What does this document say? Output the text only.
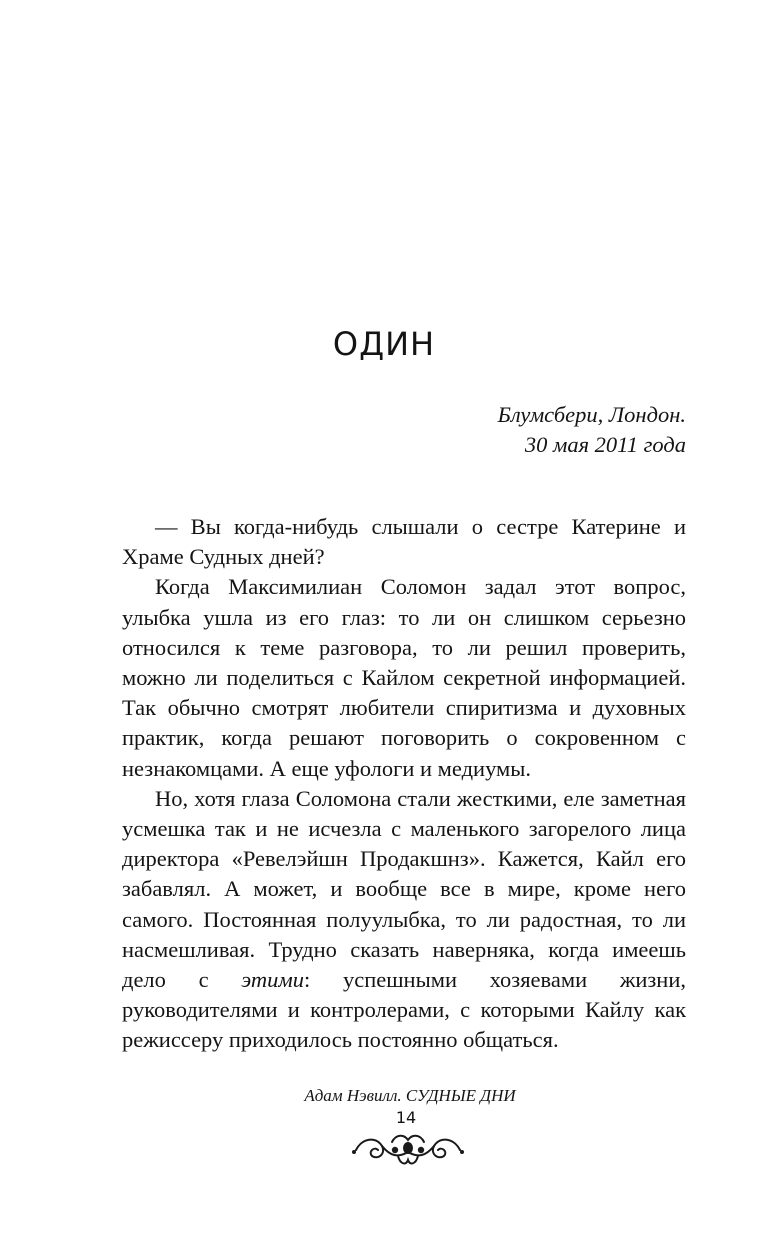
ОДИН
Блумсбери, Лондон.
30 мая 2011 года

— Вы когда-нибудь слышали о сестре Катерине и Храме Судных дней?

Когда Максимилиан Соломон задал этот вопрос, улыбка ушла из его глаз: то ли он слишком серьезно относился к теме разговора, то ли решил проверить, можно ли поделиться с Кайлом секретной информацией. Так обычно смотрят любители спиритизма и духовных практик, когда решают поговорить о сокровенном с незнакомцами. А еще уфологи и медиумы.

Но, хотя глаза Соломона стали жесткими, еле заметная усмешка так и не исчезла с маленького загорелого лица директора «Ревелэйшн Продакшнз». Кажется, Кайл его забавлял. А может, и вообще все в мире, кроме него самого. Постоянная полуулыбка, то ли радостная, то ли насмешливая. Трудно сказать наверняка, когда имеешь дело с этими: успешными хозяевами жизни, руководителями и контролерами, с которыми Кайлу как режиссеру приходилось постоянно общаться.

Адам Нэвилл. СУДНЫЕ ДНИ
14
